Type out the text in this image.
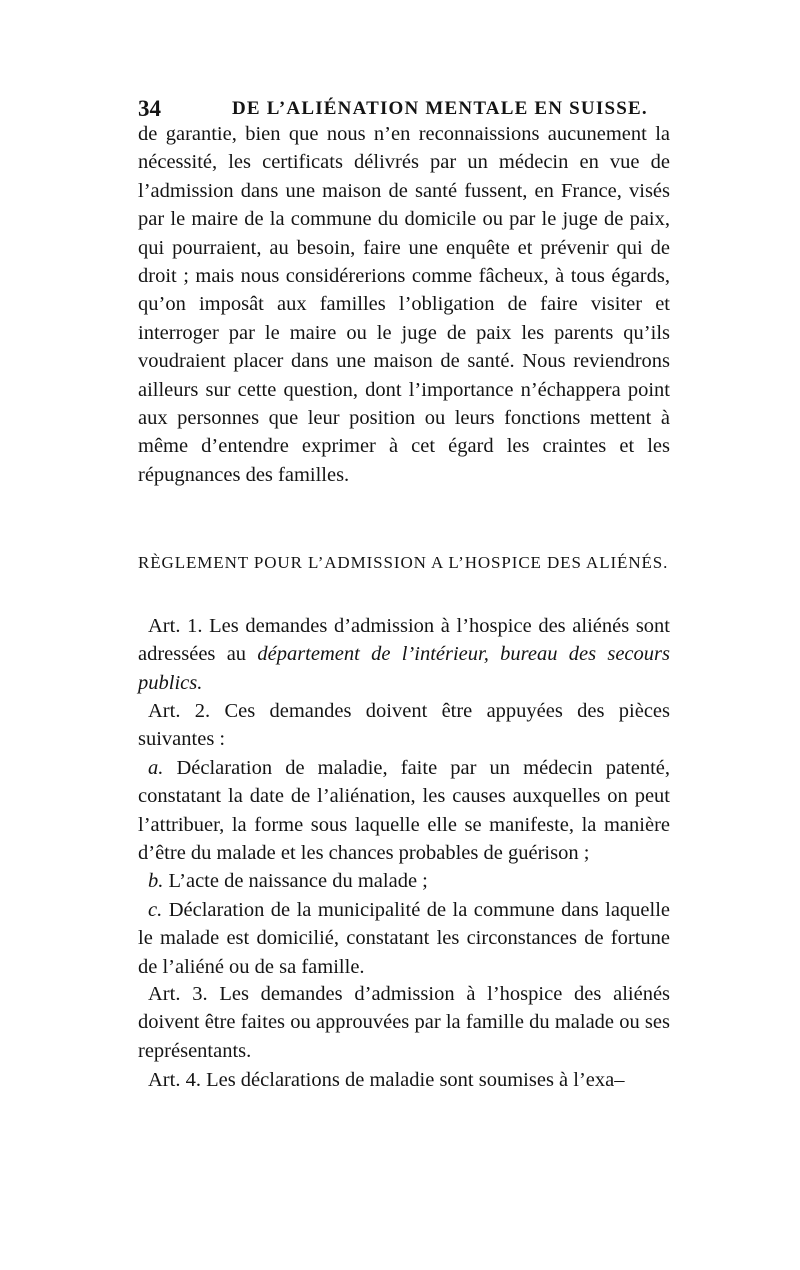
34	DE L’ALIÉNATION MENTALE EN SUISSE.

de garantie, bien que nous n’en reconnaissions aucunement la nécessité, les certificats délivrés par un médecin en vue de l’admission dans une maison de santé fussent, en France, visés par le maire de la commune du domicile ou par le juge de paix, qui pourraient, au besoin, faire une enquête et prévenir qui de droit ; mais nous considérerions comme fâcheux, à tous égards, qu’on imposât aux familles l’obligation de faire visiter et interroger par le maire ou le juge de paix les parents qu’ils voudraient placer dans une maison de santé. Nous reviendrons ailleurs sur cette question, dont l’importance n’échappera point aux personnes que leur position ou leurs fonctions mettent à même d’entendre exprimer à cet égard les craintes et les répugnances des familles.

RÈGLEMENT POUR L’ADMISSION A L’HOSPICE DES ALIÉNÉS.

Art. 1. Les demandes d’admission à l’hospice des aliénés sont adressées au département de l’intérieur, bureau des secours publics.

Art. 2. Ces demandes doivent être appuyées des pièces suivantes :

a. Déclaration de maladie, faite par un médecin patenté, constatant la date de l’aliénation, les causes auxquelles on peut l’attribuer, la forme sous laquelle elle se manifeste, la manière d’être du malade et les chances probables de guérison ;

b. L’acte de naissance du malade ;

c. Déclaration de la municipalité de la commune dans laquelle le malade est domicilié, constatant les circonstances de fortune de l’aliéné ou de sa famille.

Art. 3. Les demandes d’admission à l’hospice des aliénés doivent être faites ou approuvées par la famille du malade ou ses représentants.

Art. 4. Les déclarations de maladie sont soumises à l’exa–
